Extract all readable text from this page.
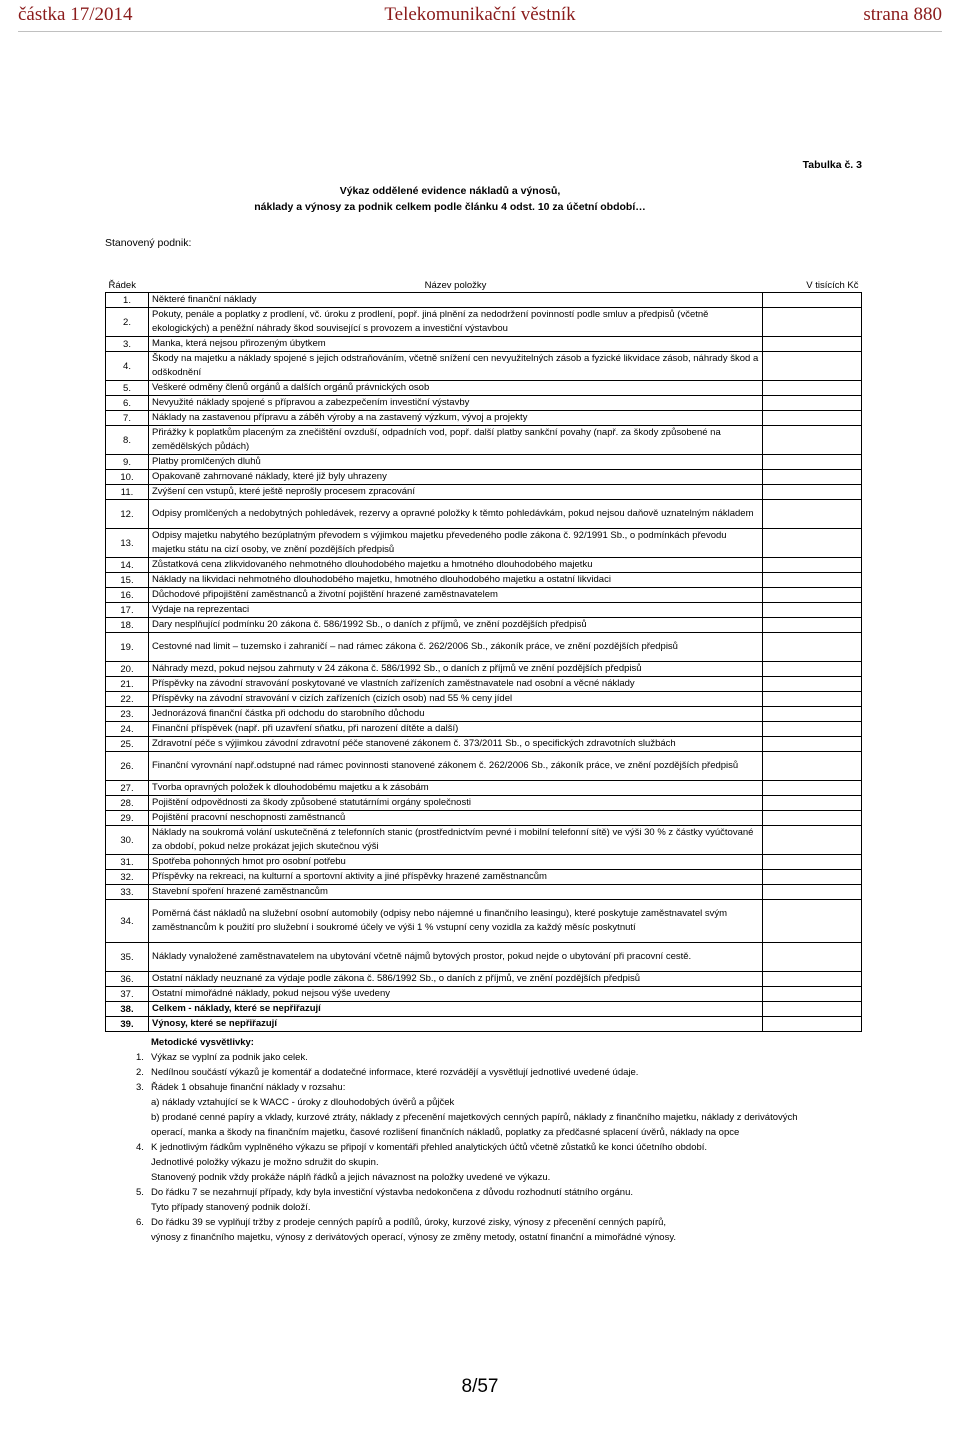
částka 17/2014	Telekomunikační věstník	strana 880
Tabulka č. 3
Výkaz oddělené evidence nákladů a výnosů,
náklady a výnosy za podnik celkem podle článku 4 odst. 10 za účetní období…
Stanovený podnik:
Řádek	Název položky	V tisících Kč
1.	Některé finanční náklady	
2.	Pokuty, penále a poplatky z prodlení, vč. úroku z prodlení, popř. jiná plnění za nedodržení povinností podle smluv a předpisů (včetně ekologických) a peněžní náhrady škod související s provozem a investiční výstavbou	
3.	Manka, která nejsou přirozeným úbytkem	
4.	Škody na majetku a náklady spojené s jejich odstraňováním, včetně snížení cen nevyužitelných zásob a fyzické likvidace zásob, náhrady škod a odškodnění	
5.	Veškeré odměny členů orgánů a dalších orgánů právnických osob	
6.	Nevyužité náklady spojené s přípravou a zabezpečením investiční výstavby	
7.	Náklady na zastavenou přípravu a záběh výroby a na zastavený výzkum, vývoj a projekty	
8.	Přirážky k poplatkům placeným za znečištění ovzduší, odpadních vod, popř. další platby sankční povahy (např. za škody způsobené na zemědělských půdách)	
9.	Platby promlčených dluhů	
10.	Opakovaně zahrnované náklady, které již byly uhrazeny	
11.	Zvýšení cen vstupů, které ještě neprošly procesem zpracování	
12.	Odpisy promlčených a nedobytných pohledávek, rezervy a opravné položky k těmto pohledávkám, pokud nejsou daňově uznatelným nákladem	
13.	Odpisy majetku nabytého bezúplatným převodem s výjimkou majetku převedeného podle zákona č. 92/1991 Sb., o podmínkách převodu majetku státu na cizí osoby, ve znění pozdějších předpisů	
14.	Zůstatková cena zlikvidovaného nehmotného dlouhodobého majetku a hmotného dlouhodobého majetku	
15.	Náklady na likvidaci nehmotného dlouhodobého majetku, hmotného dlouhodobého majetku a ostatní likvidaci	
16.	Důchodové připojištění zaměstnanců a životní pojištění hrazené zaměstnavatelem	
17.	Výdaje na reprezentaci	
18.	Dary nesplňující podmínku 20 zákona č. 586/1992 Sb., o daních z příjmů, ve znění pozdějších předpisů	
19.	Cestovné nad limit – tuzemsko i zahraničí – nad rámec zákona č. 262/2006 Sb., zákoník práce, ve znění pozdějších předpisů	
20.	Náhrady mezd, pokud nejsou zahrnuty v 24 zákona č. 586/1992 Sb., o daních z příjmů ve znění pozdějších předpisů	
21.	Příspěvky na závodní stravování poskytované ve vlastních zařízeních zaměstnavatele nad osobní a věcné náklady	
22.	Příspěvky na závodní stravování v cizích zařízeních (cizích osob) nad 55 % ceny jídel	
23.	Jednorázová finanční částka při odchodu do starobního důchodu	
24.	Finanční příspěvek (např. při uzavření sňatku, při narození dítěte a další)	
25.	Zdravotní péče s výjimkou závodní zdravotní péče stanovené zákonem č. 373/2011 Sb., o specifických zdravotních službách	
26.	Finanční vyrovnání např.odstupné nad rámec povinnosti stanovené zákonem č. 262/2006 Sb., zákoník práce, ve znění pozdějších předpisů	
27.	Tvorba opravných položek k dlouhodobému majetku a k zásobám	
28.	Pojištění odpovědnosti za škody způsobené statutárními orgány společnosti	
29.	Pojištění pracovní neschopnosti zaměstnanců	
30.	Náklady na soukromá volání uskutečněná z telefonních stanic (prostřednictvím pevné i mobilní telefonní sítě) ve výši 30 % z částky vyúčtované za období, pokud nelze prokázat jejich skutečnou výši	
31.	Spotřeba pohonných hmot pro osobní potřebu	
32.	Příspěvky na rekreaci, na kulturní a sportovní aktivity a jiné příspěvky hrazené zaměstnancům	
33.	Stavební spoření hrazené zaměstnancům	
34.	Poměrná část nákladů na služební osobní automobily (odpisy nebo nájemné u finančního leasingu), které poskytuje zaměstnavatel svým zaměstnancům k použití pro služební i soukromé účely ve výši 1 % vstupní ceny vozidla za každý měsíc poskytnutí	
35.	Náklady vynaložené zaměstnavatelem na ubytování včetně nájmů bytových prostor, pokud nejde o ubytování při pracovní cestě.	
36.	Ostatní náklady neuznané za výdaje podle zákona č. 586/1992 Sb., o daních z příjmů, ve znění pozdějších předpisů	
37.	Ostatní mimořádné náklady, pokud nejsou výše uvedeny	
38.	Celkem - náklady, které se nepřiřazují	
39.	Výnosy, které se nepřiřazují	
Metodické vysvětlivky:
1. Výkaz se vyplní za podnik jako celek.
2. Nedílnou součástí výkazů je komentář a dodatečné informace, které rozvádějí a vysvětlují jednotlivé uvedené údaje.
3. Řádek 1 obsahuje finanční náklady v rozsahu:
a) náklady vztahující se k WACC - úroky z dlouhodobých úvěrů a půjček
b) prodané cenné papíry a vklady, kurzové ztráty, náklady z přecenění majetkových cenných papírů, náklady z finančního majetku, náklady z derivátových operací, manka a škody na finančním majetku, časové rozlišení finančních nákladů, poplatky za předčasné splacení úvěrů, náklady na opce
4. K jednotlivým řádkům vyplněného výkazu se připojí v komentáři přehled analytických účtů včetně zůstatků ke konci účetního období.
Jednotlivé položky výkazu je možno sdružit do skupin.
Stanovený podnik vždy prokáže náplň řádků a jejich návaznost na položky uvedené ve výkazu.
5. Do řádku 7 se nezahrnují případy, kdy byla investiční výstavba nedokončena z důvodu rozhodnutí státního orgánu.
Tyto případy stanovený podnik doloží.
6. Do řádku 39 se vyplňují tržby z prodeje cenných papírů a podílů, úroky, kurzové zisky, výnosy z přecenění cenných papírů,
výnosy z finančního majetku, výnosy z derivátových operací, výnosy ze změny metody, ostatní finanční a mimořádné výnosy.
8/57
